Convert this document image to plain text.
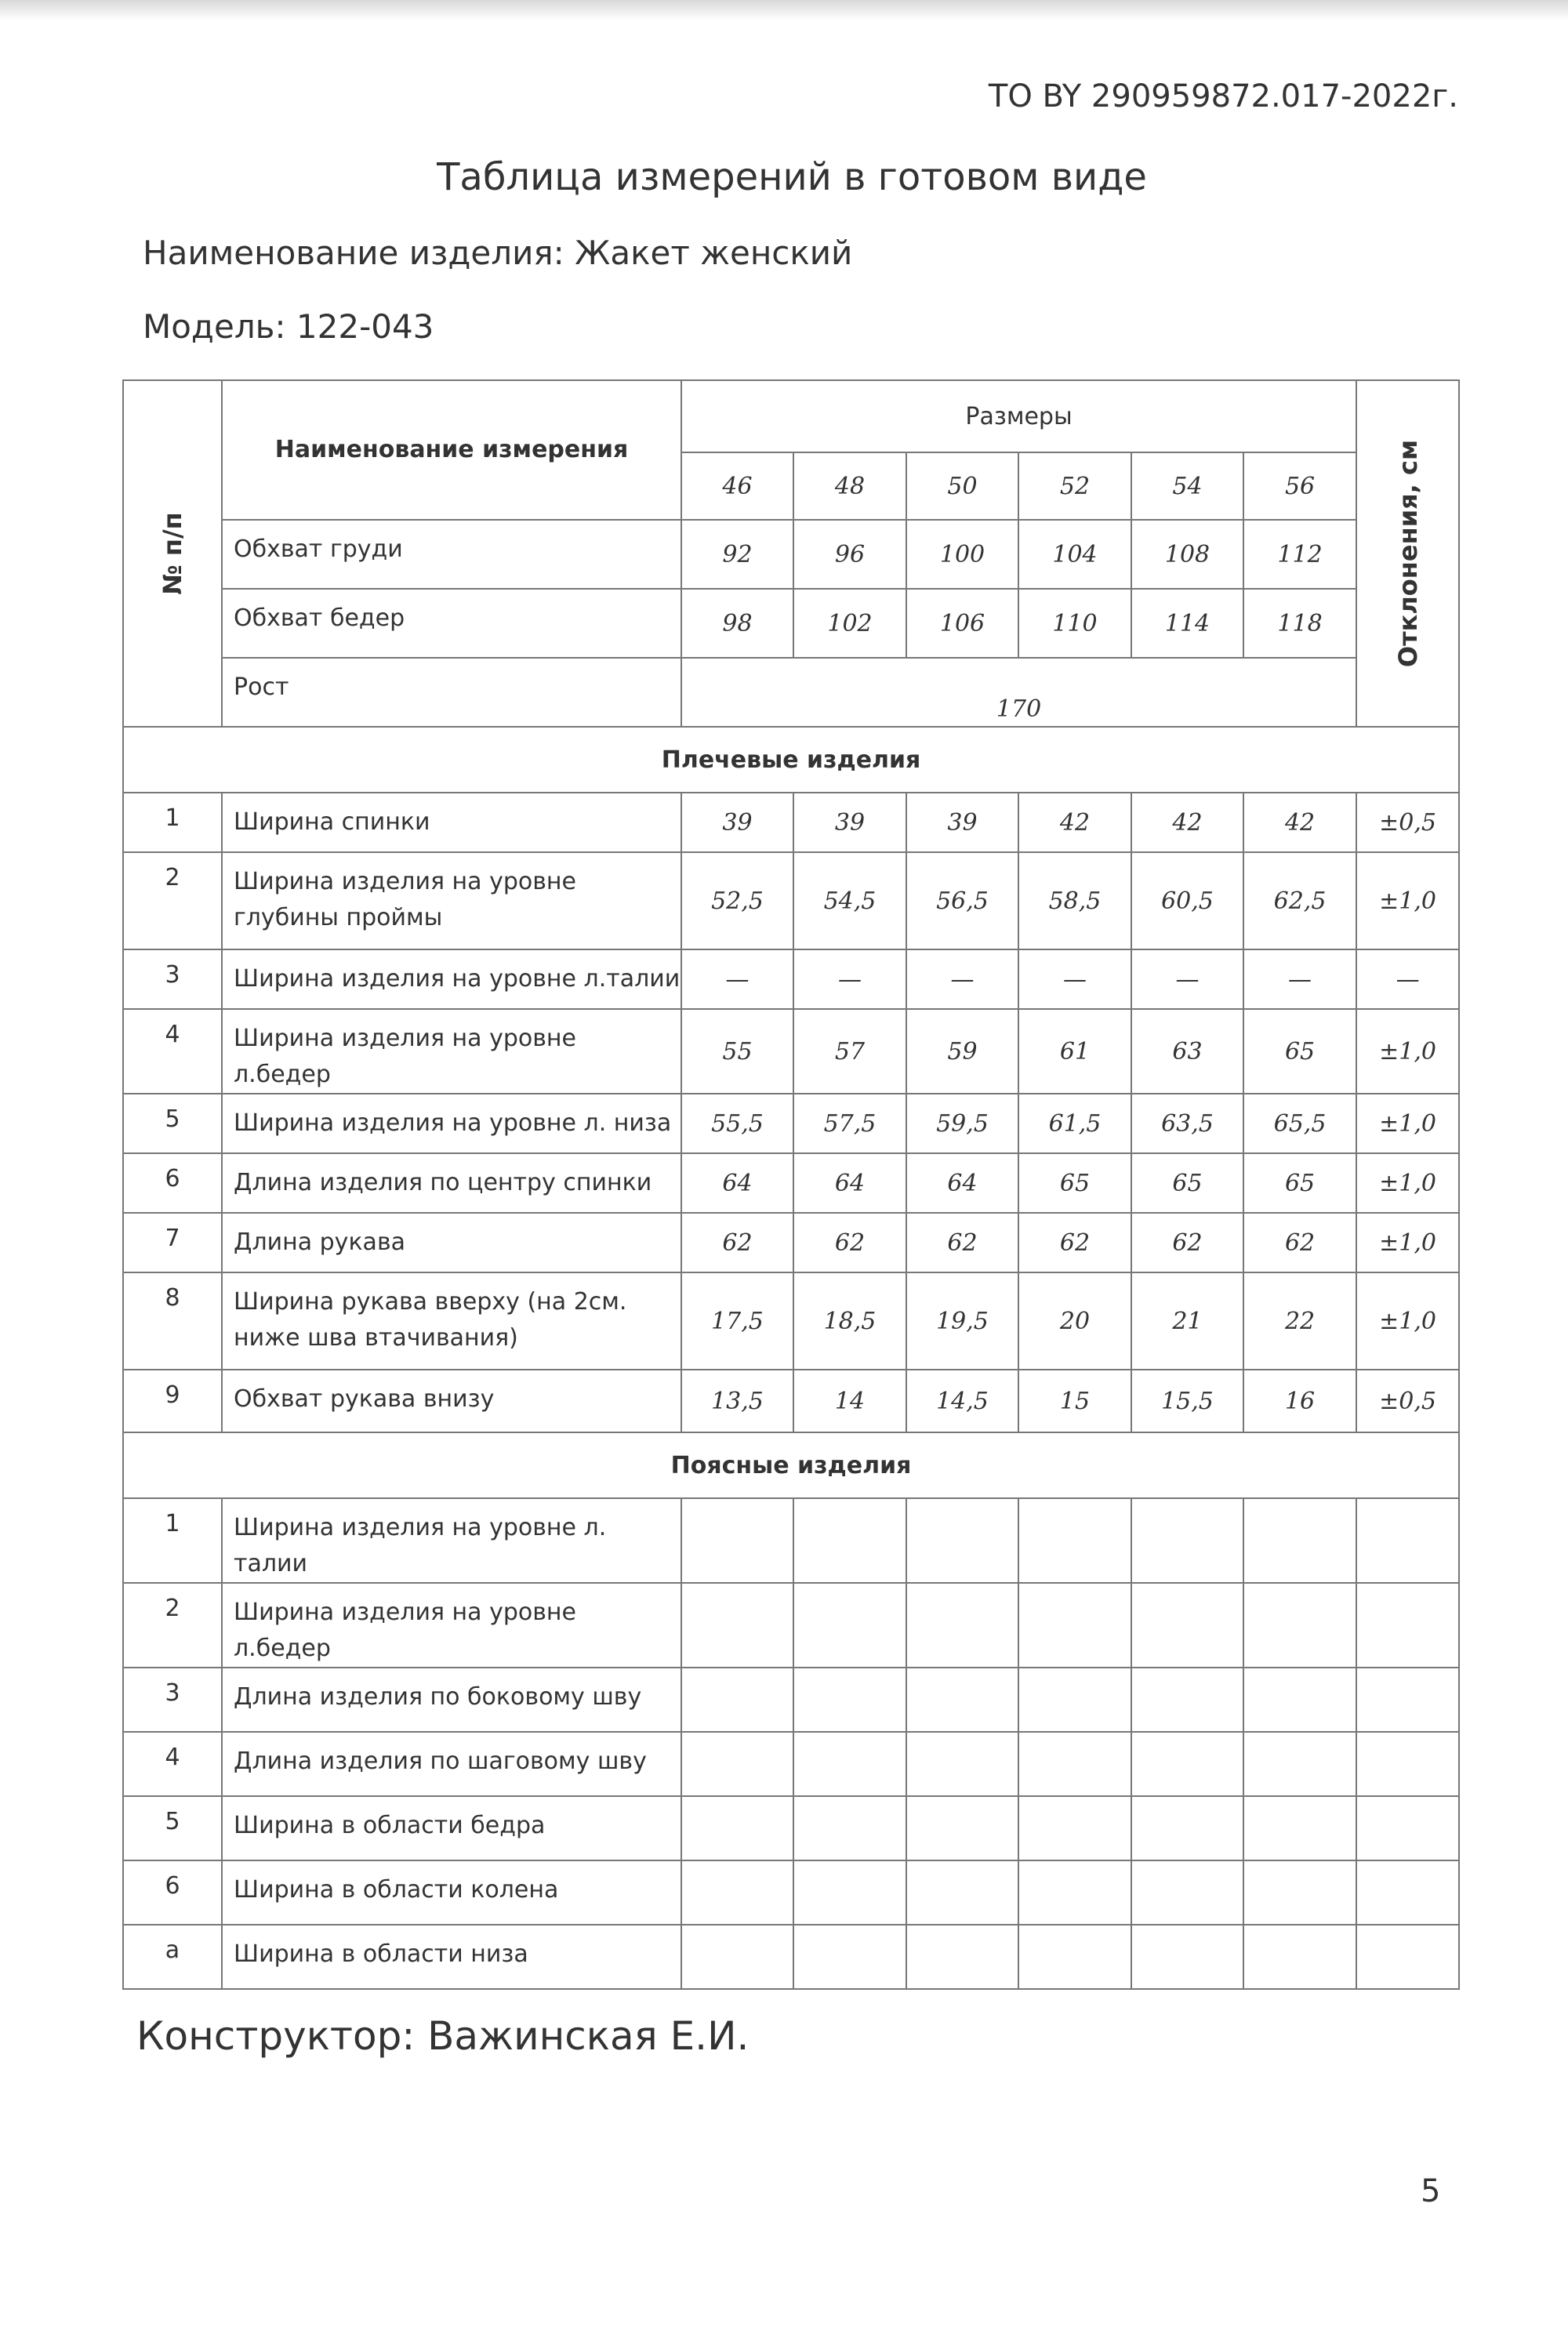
ТО BY 290959872.017-2022г.
Таблица измерений в готовом виде
Наименование изделия: Жакет женский
Модель: 122-043
№ п/п	Наименование измерения	Размеры						Отклонения, см

		46	48	50	52	54	56	
	Обхват груди	92	96	100	104	108	112	
	Обхват бедер	98	102	106	110	114	118	
	Рост	170						

Плечевые изделия								
1	Ширина спинки	39	39	39	42	42	42	±0,5
2	Ширина изделия на уровне глубины проймы	52,5	54,5	56,5	58,5	60,5	62,5	±1,0
3	Ширина изделия на уровне л.талии	—	—	—	—	—	—	—
4	Ширина изделия на уровне л.бедер	55	57	59	61	63	65	±1,0
5	Ширина изделия на уровне л. низа	55,5	57,5	59,5	61,5	63,5	65,5	±1,0
6	Длина изделия по центру спинки	64	64	64	65	65	65	±1,0
7	Длина рукава	62	62	62	62	62	62	±1,0
8	Ширина рукава вверху (на 2см. ниже шва втачивания)	17,5	18,5	19,5	20	21	22	±1,0
9	Обхват рукава внизу	13,5	14	14,5	15	15,5	16	±0,5
Поясные изделия								
1	Ширина изделия на уровне л. талии							
2	Ширина изделия на уровне л.бедер							
3	Длина изделия по боковому шву							
4	Длина изделия по шаговому шву							
5	Ширина в области бедра							
6	Ширина в области колена							
a	Ширина в области низа							
Конструктор: Важинская Е.И.
5
